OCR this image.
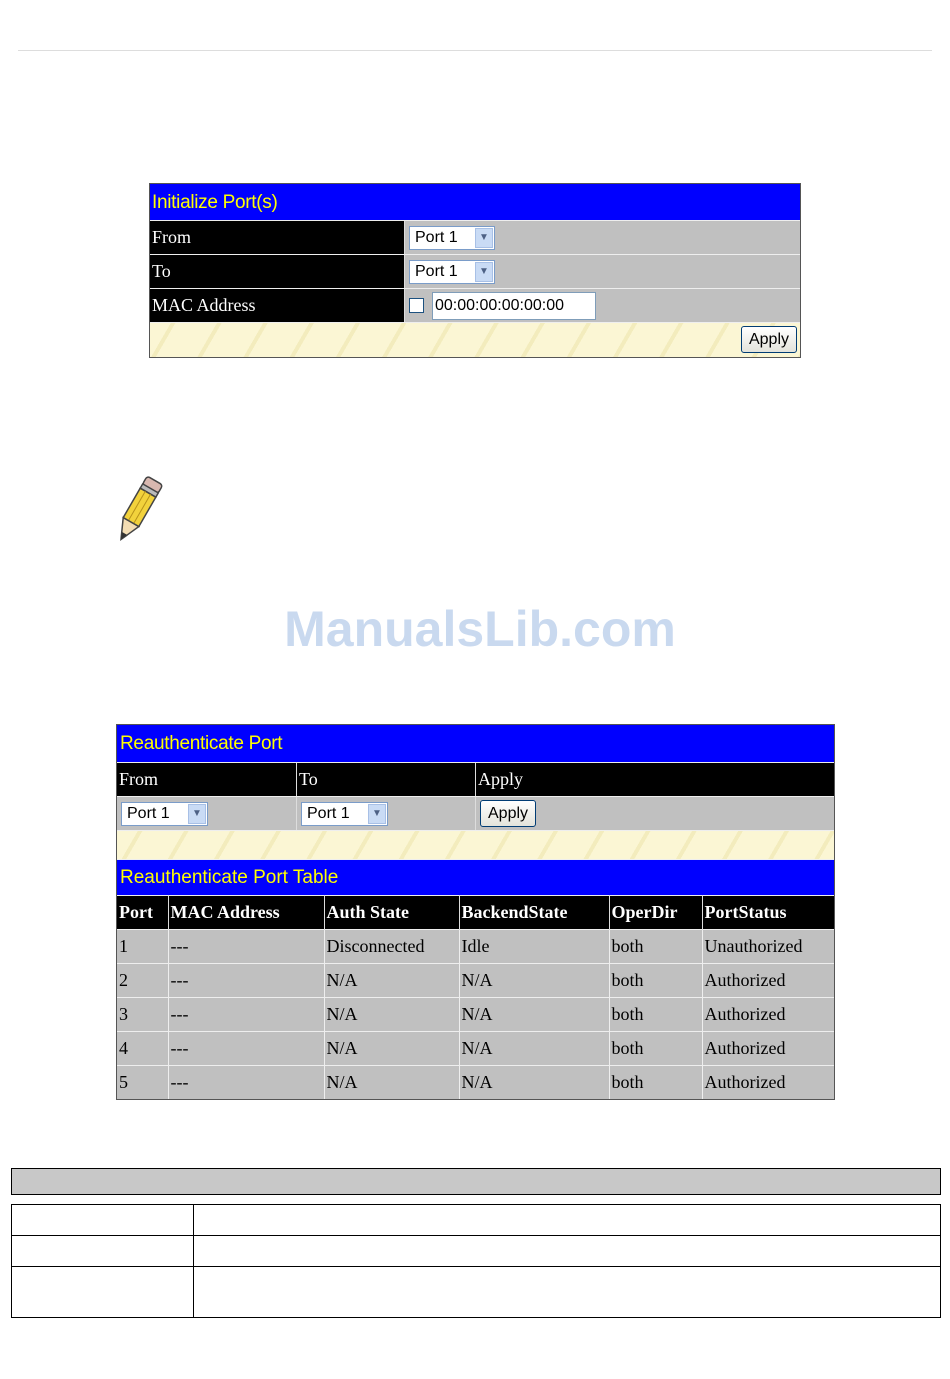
Initialize Port(s)
From	Port 1	▼
To	Port 1	▼
MAC Address	00:00:00:00:00:00
Apply
ManualsLib.com
Reauthenticate Port
From	To	Apply
Port 1	▼	Port 1	▼	Apply
Reauthenticate Port Table
Port	MAC Address	Auth State	BackendState	OperDir	PortStatus
1	---	Disconnected	Idle	both	Unauthorized
2	---	N/A	N/A	both	Authorized
3	---	N/A	N/A	both	Authorized
4	---	N/A	N/A	both	Authorized
5	---	N/A	N/A	both	Authorized
